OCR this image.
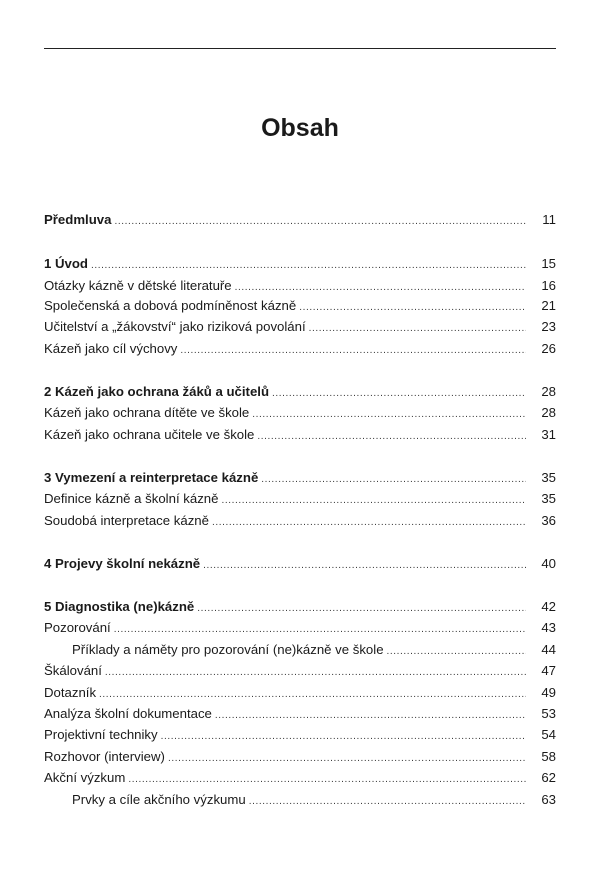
Obsah
Předmluva .....	11
1 Úvod .....	15
Otázky kázně v dětské literatuře .....	16
Společenská a dobová podmíněnost kázně .....	21
Učitelství a „žákovství“ jako riziková povolání .....	23
Kázeň jako cíl výchovy .....	26
2 Kázeň jako ochrana žáků a učitelů .....	28
Kázeň jako ochrana dítěte ve škole .....	28
Kázeň jako ochrana učitele ve škole .....	31
3 Vymezení a reinterpretace kázně .....	35
Definice kázně a školní kázně .....	35
Soudobá interpretace kázně .....	36
4 Projevy školní nekázně .....	40
5 Diagnostika (ne)kázně .....	42
Pozorování .....	43
Příklady a náměty pro pozorování (ne)kázně ve škole .....	44
Škálování .....	47
Dotazník .....	49
Analýza školní dokumentace .....	53
Projektivní techniky .....	54
Rozhovor (interview) .....	58
Akční výzkum .....	62
Prvky a cíle akčního výzkumu .....	63
